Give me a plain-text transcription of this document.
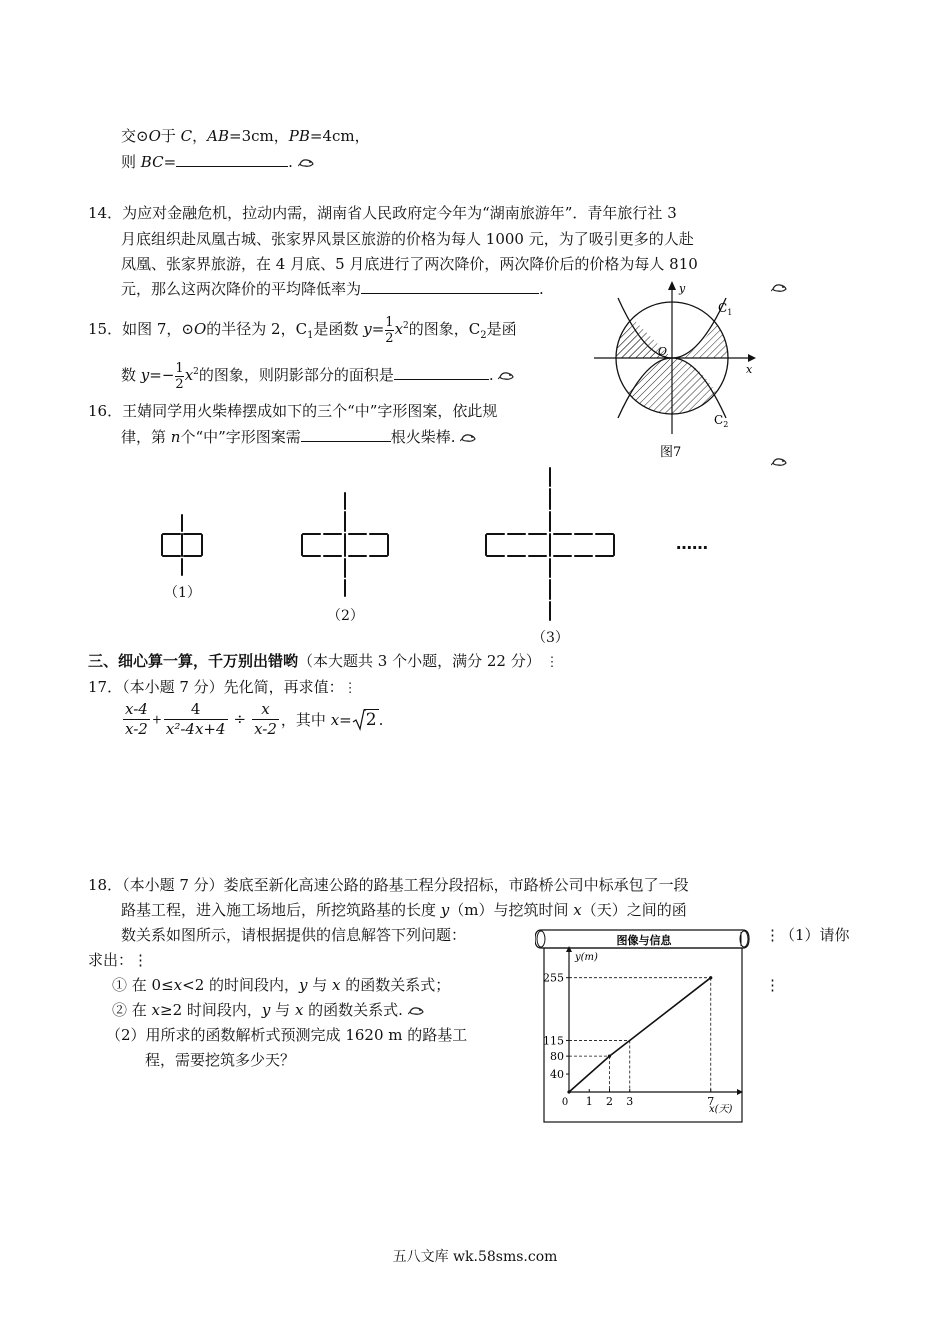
交⊙O于 C，AB=3cm，PB=4cm，
则 BC=	.
14．为应对金融危机，拉动内需，湖南省人民政府定今年为“湖南旅游年”．青年旅行社 3
月底组织赴凤凰古城、张家界风景区旅游的价格为每人 1000 元，为了吸引更多的人赴
凤凰、张家界旅游，在 4 月底、5 月底进行了两次降价，两次降价后的价格为每人 810
元，那么这两次降价的平均降低率为	.
15．如图 7，⊙O的半径为 2，$C_1$是函数 $y= \frac{1}{2} x^2$的图象，$C_2$是函
数 $y=- \frac{1}{2} x^2$的图象，则阴影部分的面积是	.
16．王婧同学用火柴棒摆成如下的三个“中”字形图案，依此规
律，第 n个“中”字形图案需	根火柴棒.
y
x
O
$C_1$
$C_2$
图7
（1）
（2）
（3）
……
三、细心算一算，千万别出错哟（本大题共 3 个小题，满分 22 分） ⋮
17．（本小题 7 分）先化简，再求值：⋮
$\frac{x-4}{x-2} + \frac{4}{\text{x²-4x+4}} \div \frac{x}{x-2}$ ，其中 x= 2 .
18．（本小题 7 分）娄底至新化高速公路的路基工程分段招标，市路桥公司中标承包了一段
路基工程，进入施工场地后，所挖筑路基的长度 y（m）与挖筑时间 x（天）之间的函
数关系如图所示，请根据提供的信息解答下列问题：	⋮（1）请你
求出：⋮
① 在 0≤x<2 的时间段内，y 与 x 的函数关系式；	⋮
② 在 x≥2 时间段内，y 与 x 的函数关系式.
（2）用所求的函数解析式预测完成 1620 m 的路基工
程，需要挖筑多少天？
图像与信息
y(m)
x(天)
0
40
80
115
255
1 2 3	7
五八文库 wk.58sms.com
